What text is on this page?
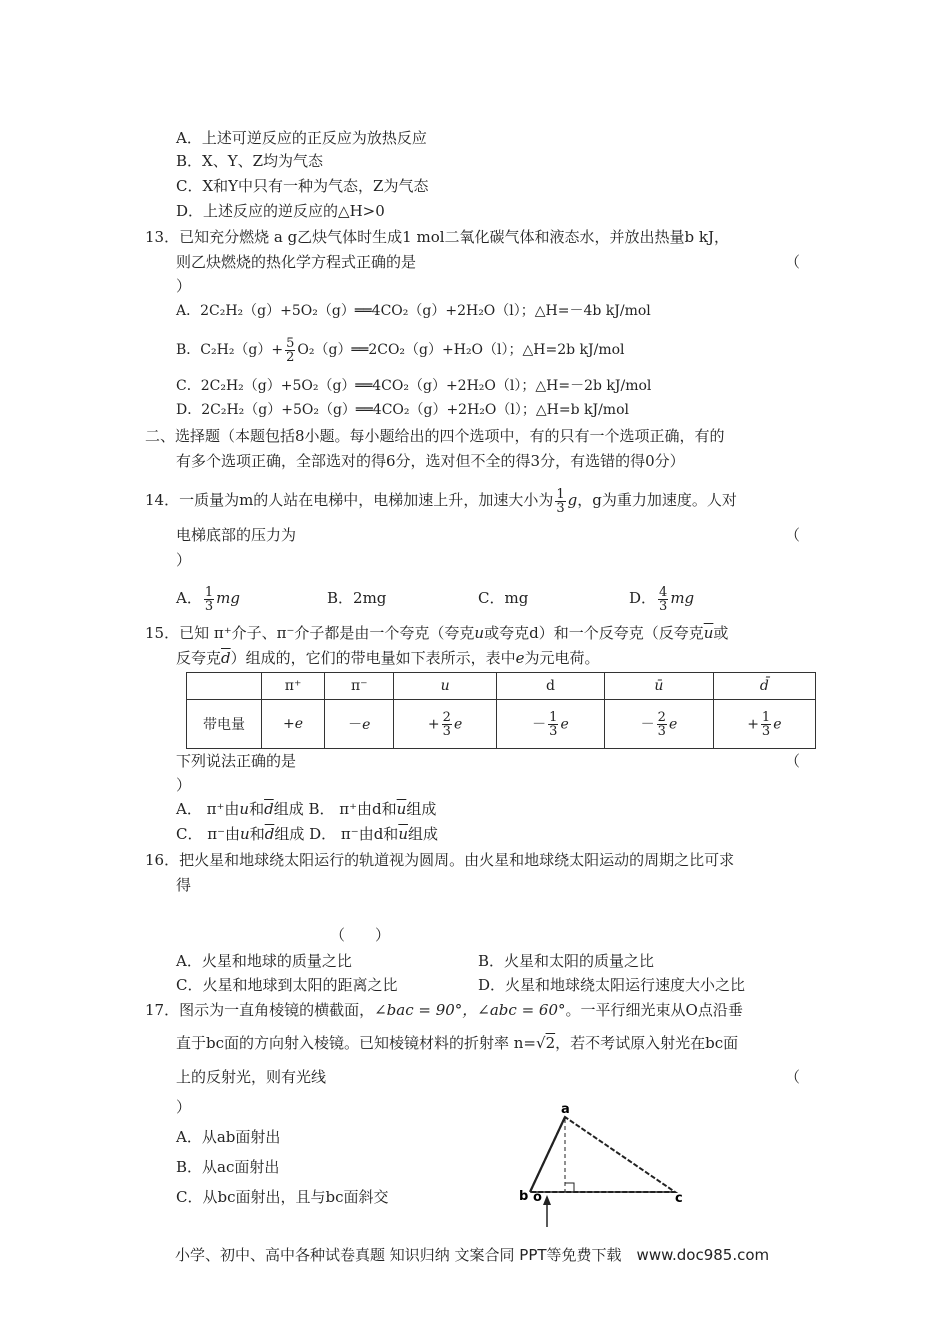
A．上述可逆反应的正反应为放热反应
B．X、Y、Z均为气态
C．X和Y中只有一种为气态，Z为气态
D．上述反应的逆反应的△H>0
13．已知充分燃烧 a g乙炔气体时生成1 mol二氧化碳气体和液态水，并放出热量b kJ，
则乙炔燃烧的热化学方程式正确的是	（
）
A．2C₂H₂（g）+5O₂（g）══4CO₂（g）+2H₂O（l）；△H=－4b kJ/mol
B．$C_2H_2(g)+ \frac{5}{2}$ O₂（g）══2CO₂（g）+H₂O（l）；△H=2b kJ/mol
C．2C₂H₂（g）+5O₂（g）══4CO₂（g）+2H₂O（l）；△H=－2b kJ/mol
D．2C₂H₂（g）+5O₂（g）══4CO₂（g）+2H₂O（l）；△H=b kJ/mol
二、选择题（本题包括8小题。每小题给出的四个选项中，有的只有一个选项正确，有的
有多个选项正确，全部选对的得6分，选对但不全的得3分，有选错的得0分）
14．一质量为m的人站在电梯中，电梯加速上升，加速大小为 $\frac{1}{3}$ g，g为重力加速度。人对
电梯底部的压力为	（
）
A． $\frac{1}{3}$ mg	B．2mg	C．mg	D． $\frac{4}{3}$ mg
15．已知 π⁺介子、π⁻介子都是由一个夸克（夸克u或夸克d）和一个反夸克（反夸克$\overline{u}$或
反夸克$\overline{d}$）组成的，它们的带电量如下表所示，表中e为元电荷。
	π⁺	π⁻	u	d	ū	d̄
带电量	+e	－e	+ $\frac{2}{3}$ e	－ $\frac{1}{3}$ e	－ $\frac{2}{3}$ e	+ $\frac{1}{3}$ e
下列说法正确的是	（
）
A． π⁺由u和$\overline{d}$组成 B． π⁺由d和$\overline{u}$组成
C． π⁻由u和$\overline{d}$组成 D． π⁻由d和$\overline{u}$组成
16．把火星和地球绕太阳运行的轨道视为圆周。由火星和地球绕太阳运动的周期之比可求
得
（　　）
A．火星和地球的质量之比	B．火星和太阳的质量之比
C．火星和地球到太阳的距离之比	D．火星和地球绕太阳运行速度大小之比
17．图示为一直角棱镜的横截面，∠bac = 90°，∠abc = 60°。一平行细光束从O点沿垂
直于bc面的方向射入棱镜。已知棱镜材料的折射率 n=√2，若不考试原入射光在bc面
上的反射光，则有光线	（
）
A．从ab面射出
B．从ac面射出
C．从bc面射出，且与bc面斜交
a
b o	c
小学、初中、高中各种试卷真题 知识归纳 文案合同 PPT等免费下载　www.doc985.com
